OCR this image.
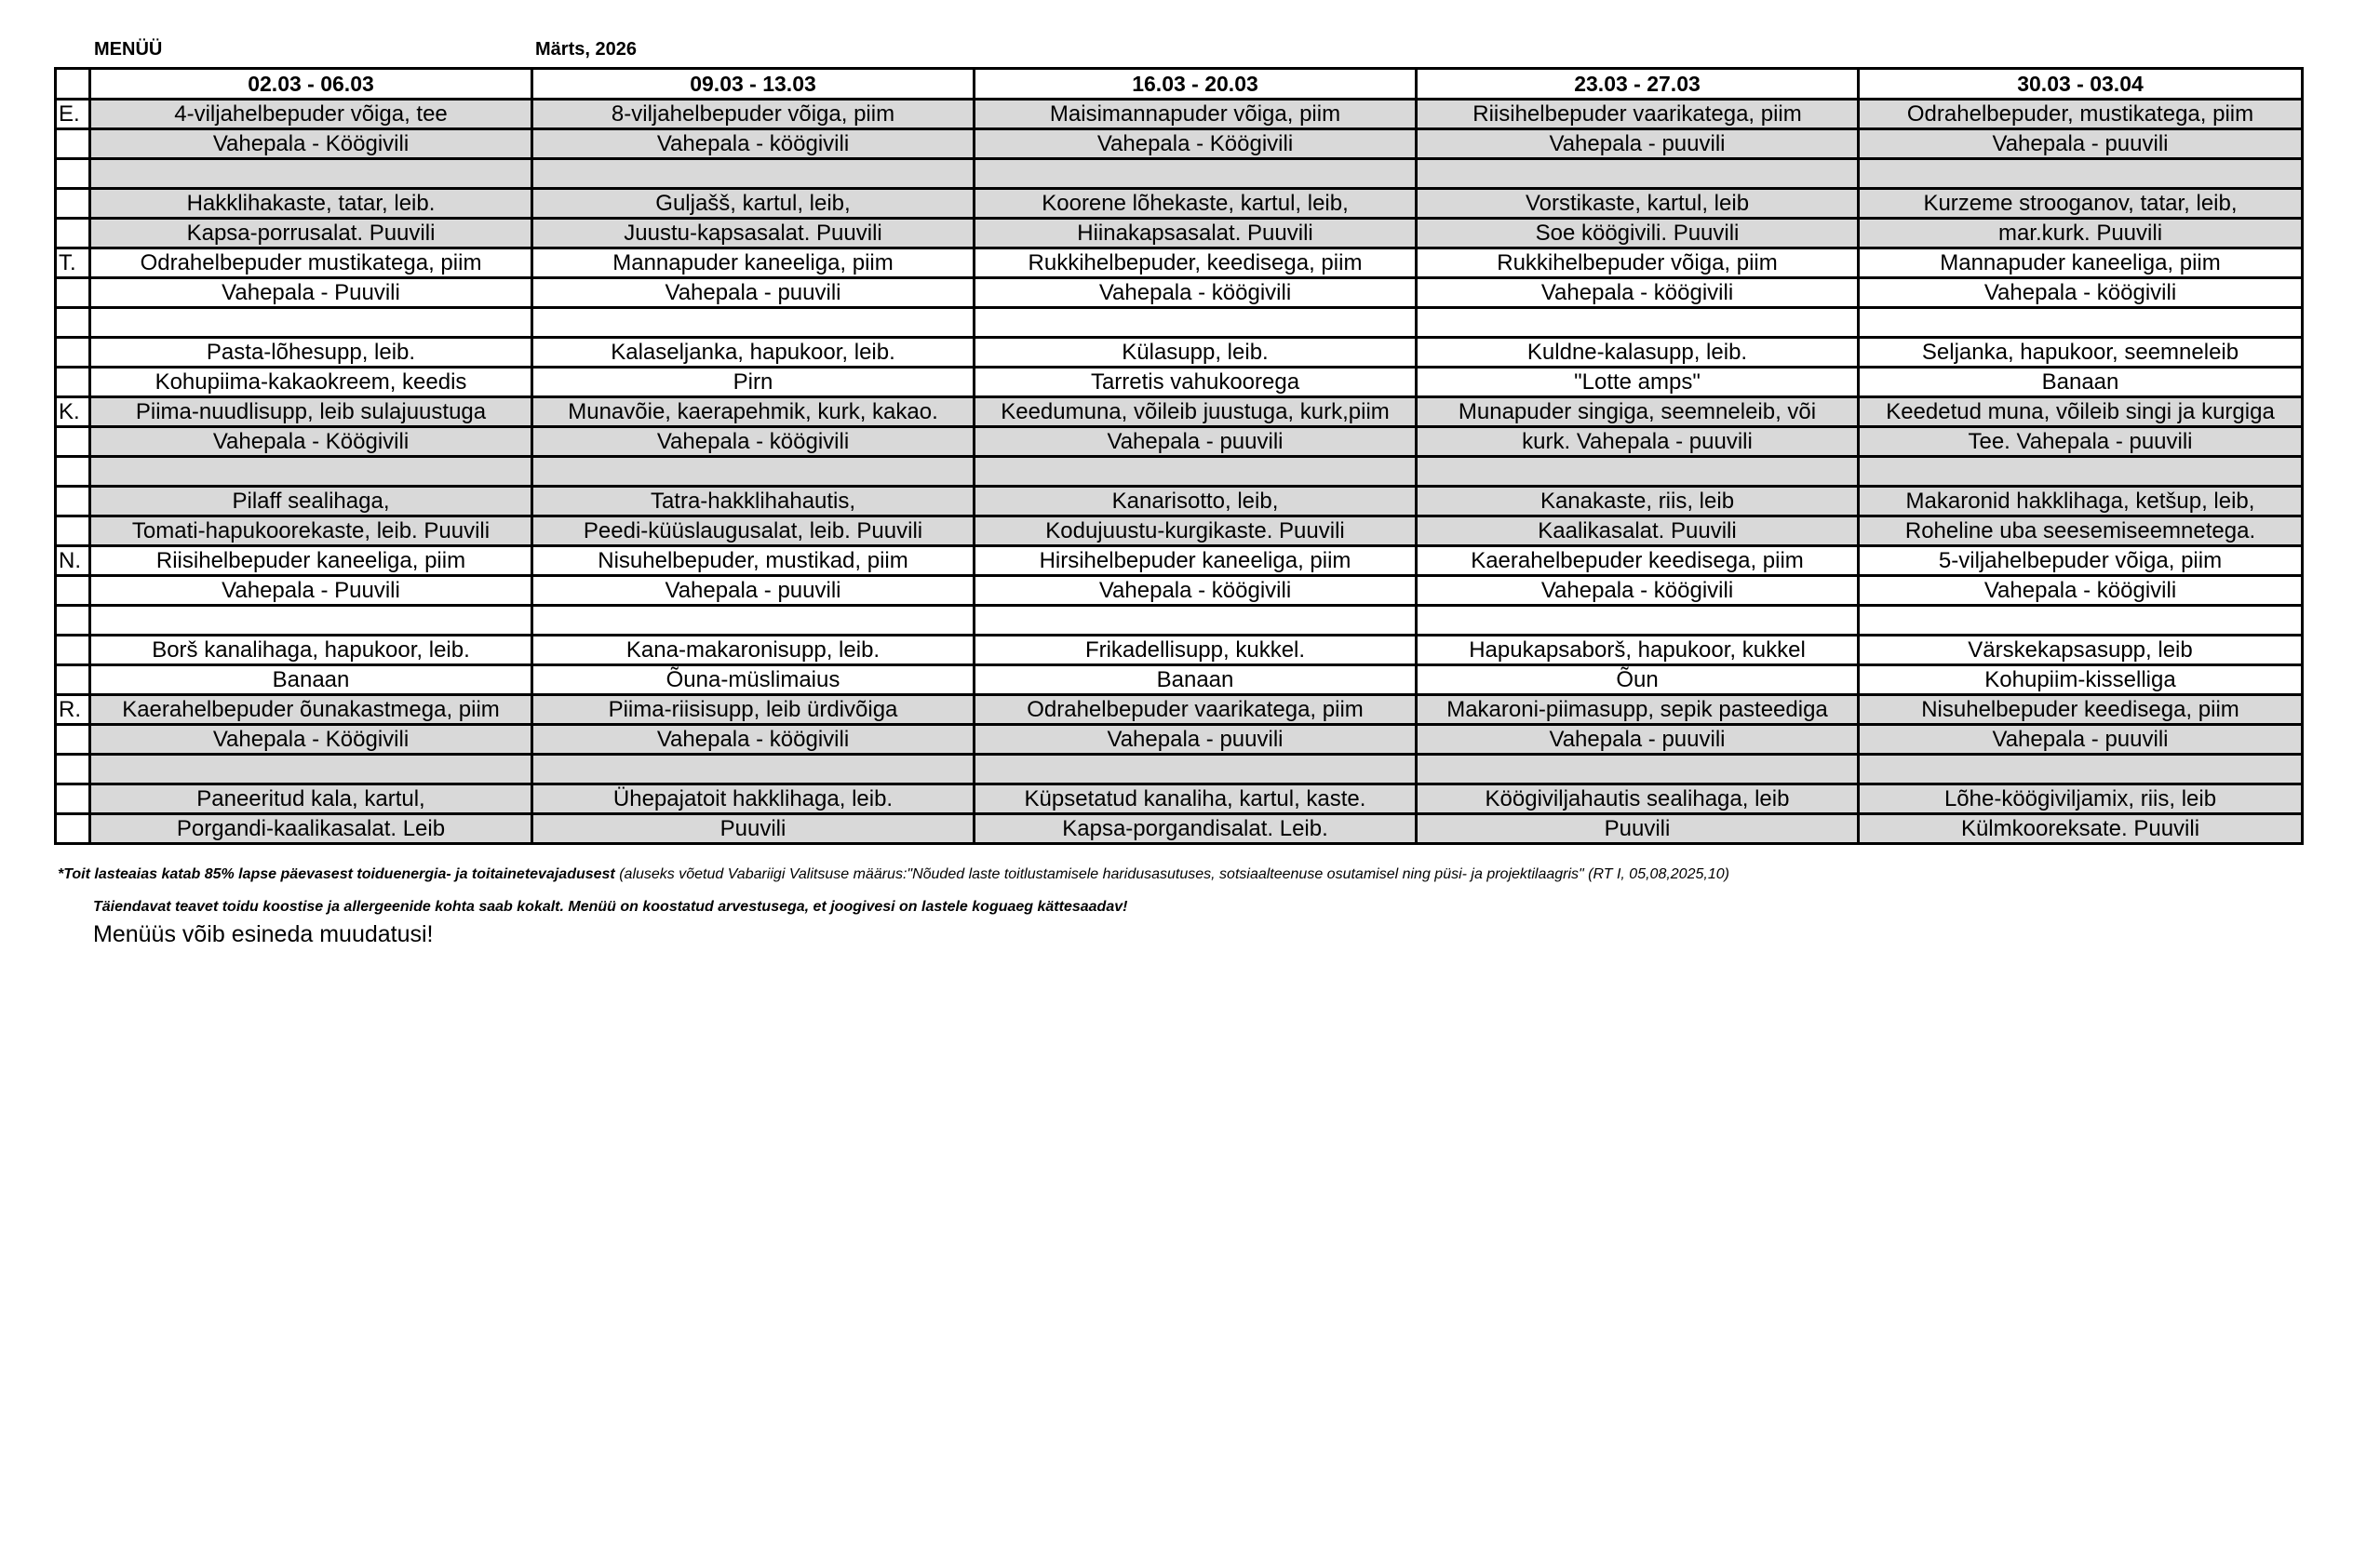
MENÜÜ	Märts, 2026
	02.03 - 06.03	09.03 - 13.03	16.03 - 20.03	23.03 - 27.03	30.03 - 03.04
E.	4-viljahelbepuder võiga, tee	8-viljahelbepuder võiga, piim	Maisimannapuder võiga, piim	Riisihelbepuder vaarikatega, piim	Odrahelbepuder, mustikatega, piim
	Vahepala - Köögivili	Vahepala - köögivili	Vahepala - Köögivili	Vahepala - puuvili	Vahepala - puuvili

	Hakklihakaste, tatar, leib.	Guljašš, kartul, leib,	Koorene lõhekaste, kartul, leib,	Vorstikaste, kartul, leib	Kurzeme strooganov, tatar, leib,
	Kapsa-porrusalat. Puuvili	Juustu-kapsasalat. Puuvili	Hiinakapsasalat. Puuvili	Soe köögivili. Puuvili	mar.kurk. Puuvili
T.	Odrahelbepuder mustikatega, piim	Mannapuder kaneeliga, piim	Rukkihelbepuder, keedisega, piim	Rukkihelbepuder võiga, piim	Mannapuder kaneeliga, piim
	Vahepala - Puuvili	Vahepala - puuvili	Vahepala - köögivili	Vahepala - köögivili	Vahepala - köögivili

	Pasta-lõhesupp, leib.	Kalaseljanka, hapukoor, leib.	Külasupp, leib.	Kuldne-kalasupp, leib.	Seljanka, hapukoor, seemneleib
	Kohupiima-kakaokreem, keedis	Pirn	Tarretis vahukoorega	"Lotte amps"	Banaan
K.	Piima-nuudlisupp, leib sulajuustuga	Munavõie, kaerapehmik, kurk, kakao.	Keedumuna, võileib juustuga, kurk,piim	Munapuder singiga, seemneleib, või	Keedetud muna, võileib singi ja kurgiga
	Vahepala - Köögivili	Vahepala - köögivili	Vahepala - puuvili	kurk. Vahepala - puuvili	Tee. Vahepala - puuvili

	Pilaff sealihaga,	Tatra-hakklihahautis,	Kanarisotto, leib,	Kanakaste, riis, leib	Makaronid hakklihaga, ketšup, leib,
	Tomati-hapukoorekaste, leib. Puuvili	Peedi-küüslaugusalat, leib. Puuvili	Kodujuustu-kurgikaste. Puuvili	Kaalikasalat. Puuvili	Roheline uba seesemiseemnetega.
N.	Riisihelbepuder kaneeliga, piim	Nisuhelbepuder, mustikad, piim	Hirsihelbepuder kaneeliga, piim	Kaerahelbepuder keedisega, piim	5-viljahelbepuder võiga, piim
	Vahepala - Puuvili	Vahepala - puuvili	Vahepala - köögivili	Vahepala - köögivili	Vahepala - köögivili

	Borš kanalihaga, hapukoor, leib.	Kana-makaronisupp, leib.	Frikadellisupp, kukkel.	Hapukapsaborš, hapukoor, kukkel	Värskekapsasupp, leib
	Banaan	Õuna-müslimaius	Banaan	Õun	Kohupiim-kisselliga
R.	Kaerahelbepuder õunakastmega, piim	Piima-riisisupp, leib ürdivõiga	Odrahelbepuder vaarikatega, piim	Makaroni-piimasupp, sepik pasteediga	Nisuhelbepuder keedisega, piim
	Vahepala - Köögivili	Vahepala - köögivili	Vahepala - puuvili	Vahepala - puuvili	Vahepala - puuvili

	Paneeritud kala, kartul,	Ühepajatoit hakklihaga, leib.	Küpsetatud kanaliha, kartul, kaste.	Köögiviljahautis sealihaga, leib	Lõhe-köögiviljamix, riis, leib
	Porgandi-kaalikasalat. Leib	Puuvili	Kapsa-porgandisalat. Leib.	Puuvili	Külmkooreksate. Puuvili
*Toit lasteaias katab 85% lapse päevasest toiduenergia- ja toitainetevajadusest (aluseks võetud Vabariigi Valitsuse määrus:"Nõuded laste toitlustamisele haridusasutuses, sotsiaalteenuse osutamisel ning püsi- ja projektilaagris" (RT I, 05,08,2025,10)
Täiendavat teavet toidu koostise ja allergeenide kohta saab kokalt. Menüü on koostatud arvestusega, et joogivesi on lastele koguaeg kättesaadav!
Menüüs võib esineda muudatusi!
